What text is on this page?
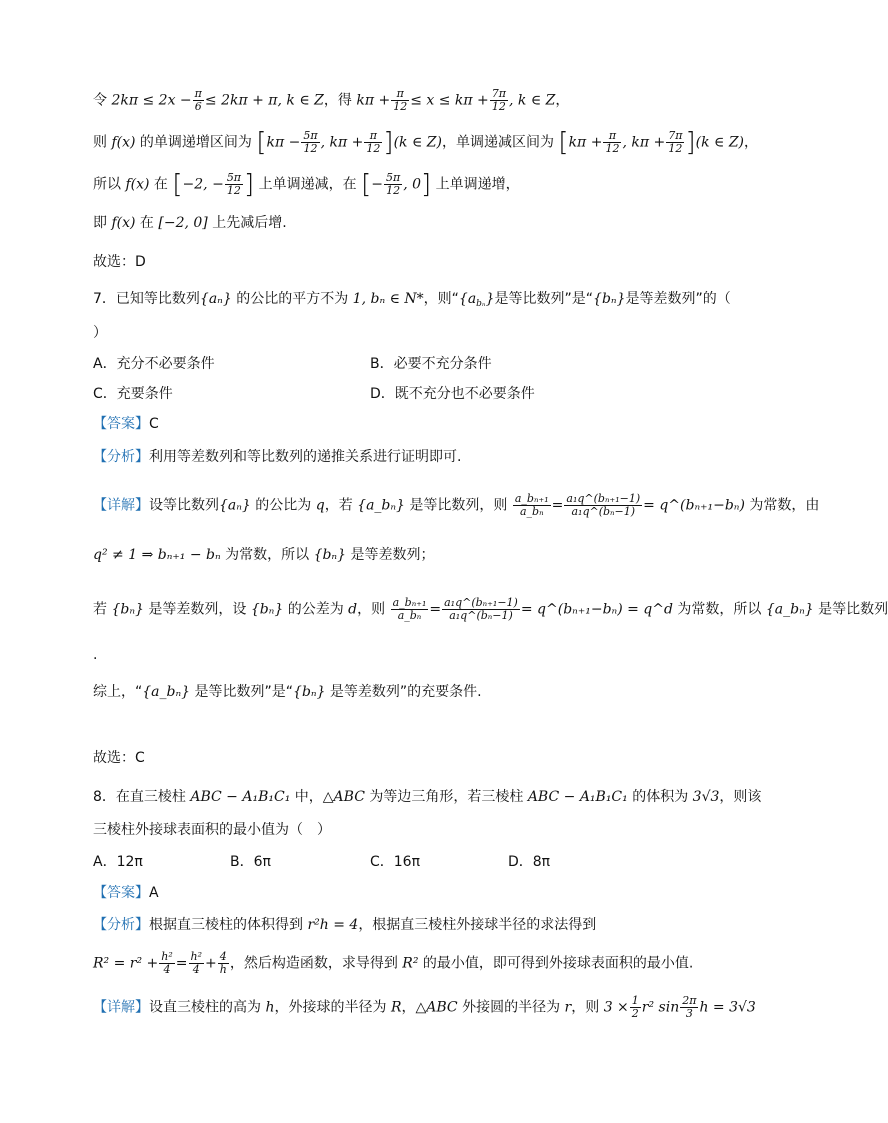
令 $2k\pi \le 2x - \frac{\pi}{6} \le 2k\pi + \pi$, k ∈ Z，得 $k\pi + \frac{\pi}{12} \le x \le k\pi + \frac{7\pi}{12}$ , k ∈ Z，
则 f(x) 的单调递增区间为 [$k\pi - \frac{5\pi}{12}$ , $k\pi + \frac{\pi}{12} ](k$ ∈ Z)，单调递减区间为 [$k\pi + \frac{\pi}{12}$ , $k\pi + \frac{7\pi}{12} ](k$ ∈ Z)，
所以 f(x) 在 [−2, − $\frac{5\pi}{12}$ ] 上单调递减，在 [− $\frac{5\pi}{12}$ , 0] 上单调递增，
即 f(x) 在 [−2, 0] 上先减后增.
故选：D
7．已知等比数列{aₙ} 的公比的平方不为 1, bₙ ∈ N*，则“$\{a_{b_n}\}$是等比数列”是“{bₙ}是等差数列”的（
）
A．充分不必要条件	B．必要不充分条件
C．充要条件	D．既不充分也不必要条件
【答案】C
【分析】利用等差数列和等比数列的递推关系进行证明即可.
【详解】设等比数列{aₙ} 的公比为 q，若 {a_bₙ} 是等比数列，则 $\frac{\text{a\_bₙ₊₁}}{\text{a\_bₙ}} = \frac{\text{a₁q\textasciicircum{}(bₙ₊₁−1)}}{\text{a₁q\textasciicircum{}(bₙ−1)}}$ = q^(bₙ₊₁−bₙ) 为常数，由
q² ≠ 1 ⇒ bₙ₊₁ − bₙ 为常数，所以 {bₙ} 是等差数列；
若 {bₙ} 是等差数列，设 {bₙ} 的公差为 d，则 $\frac{\text{a\_bₙ₊₁}}{\text{a\_bₙ}} = \frac{\text{a₁q\textasciicircum{}(bₙ₊₁−1)}}{\text{a₁q\textasciicircum{}(bₙ−1)}}$ = q^(bₙ₊₁−bₙ) = q^d 为常数，所以 {a_bₙ} 是等比数列
.
综上，“{a_bₙ} 是等比数列”是“{bₙ} 是等差数列”的充要条件.
故选：C
8．在直三棱柱 ABC − A₁B₁C₁ 中，△ABC 为等边三角形，若三棱柱 ABC − A₁B₁C₁ 的体积为 3√3，则该
三棱柱外接球表面积的最小值为（　）
A．12π	B．6π	C．16π	D．8π
【答案】A
【分析】根据直三棱柱的体积得到 r²h = 4，根据直三棱柱外接球半径的求法得到
$R^2 = r^2 + \frac{\text{h²}}{4} = \frac{\text{h²}}{4} + \frac{4}{h}$ ，然后构造函数，求导得到 R² 的最小值，即可得到外接球表面积的最小值.
【详解】设直三棱柱的高为 h，外接球的半径为 R，△ABC 外接圆的半径为 r，则 $3 \times \frac{1}{2} r^2$ $\sin \frac{2\pi}{3}$ h = 3√3
